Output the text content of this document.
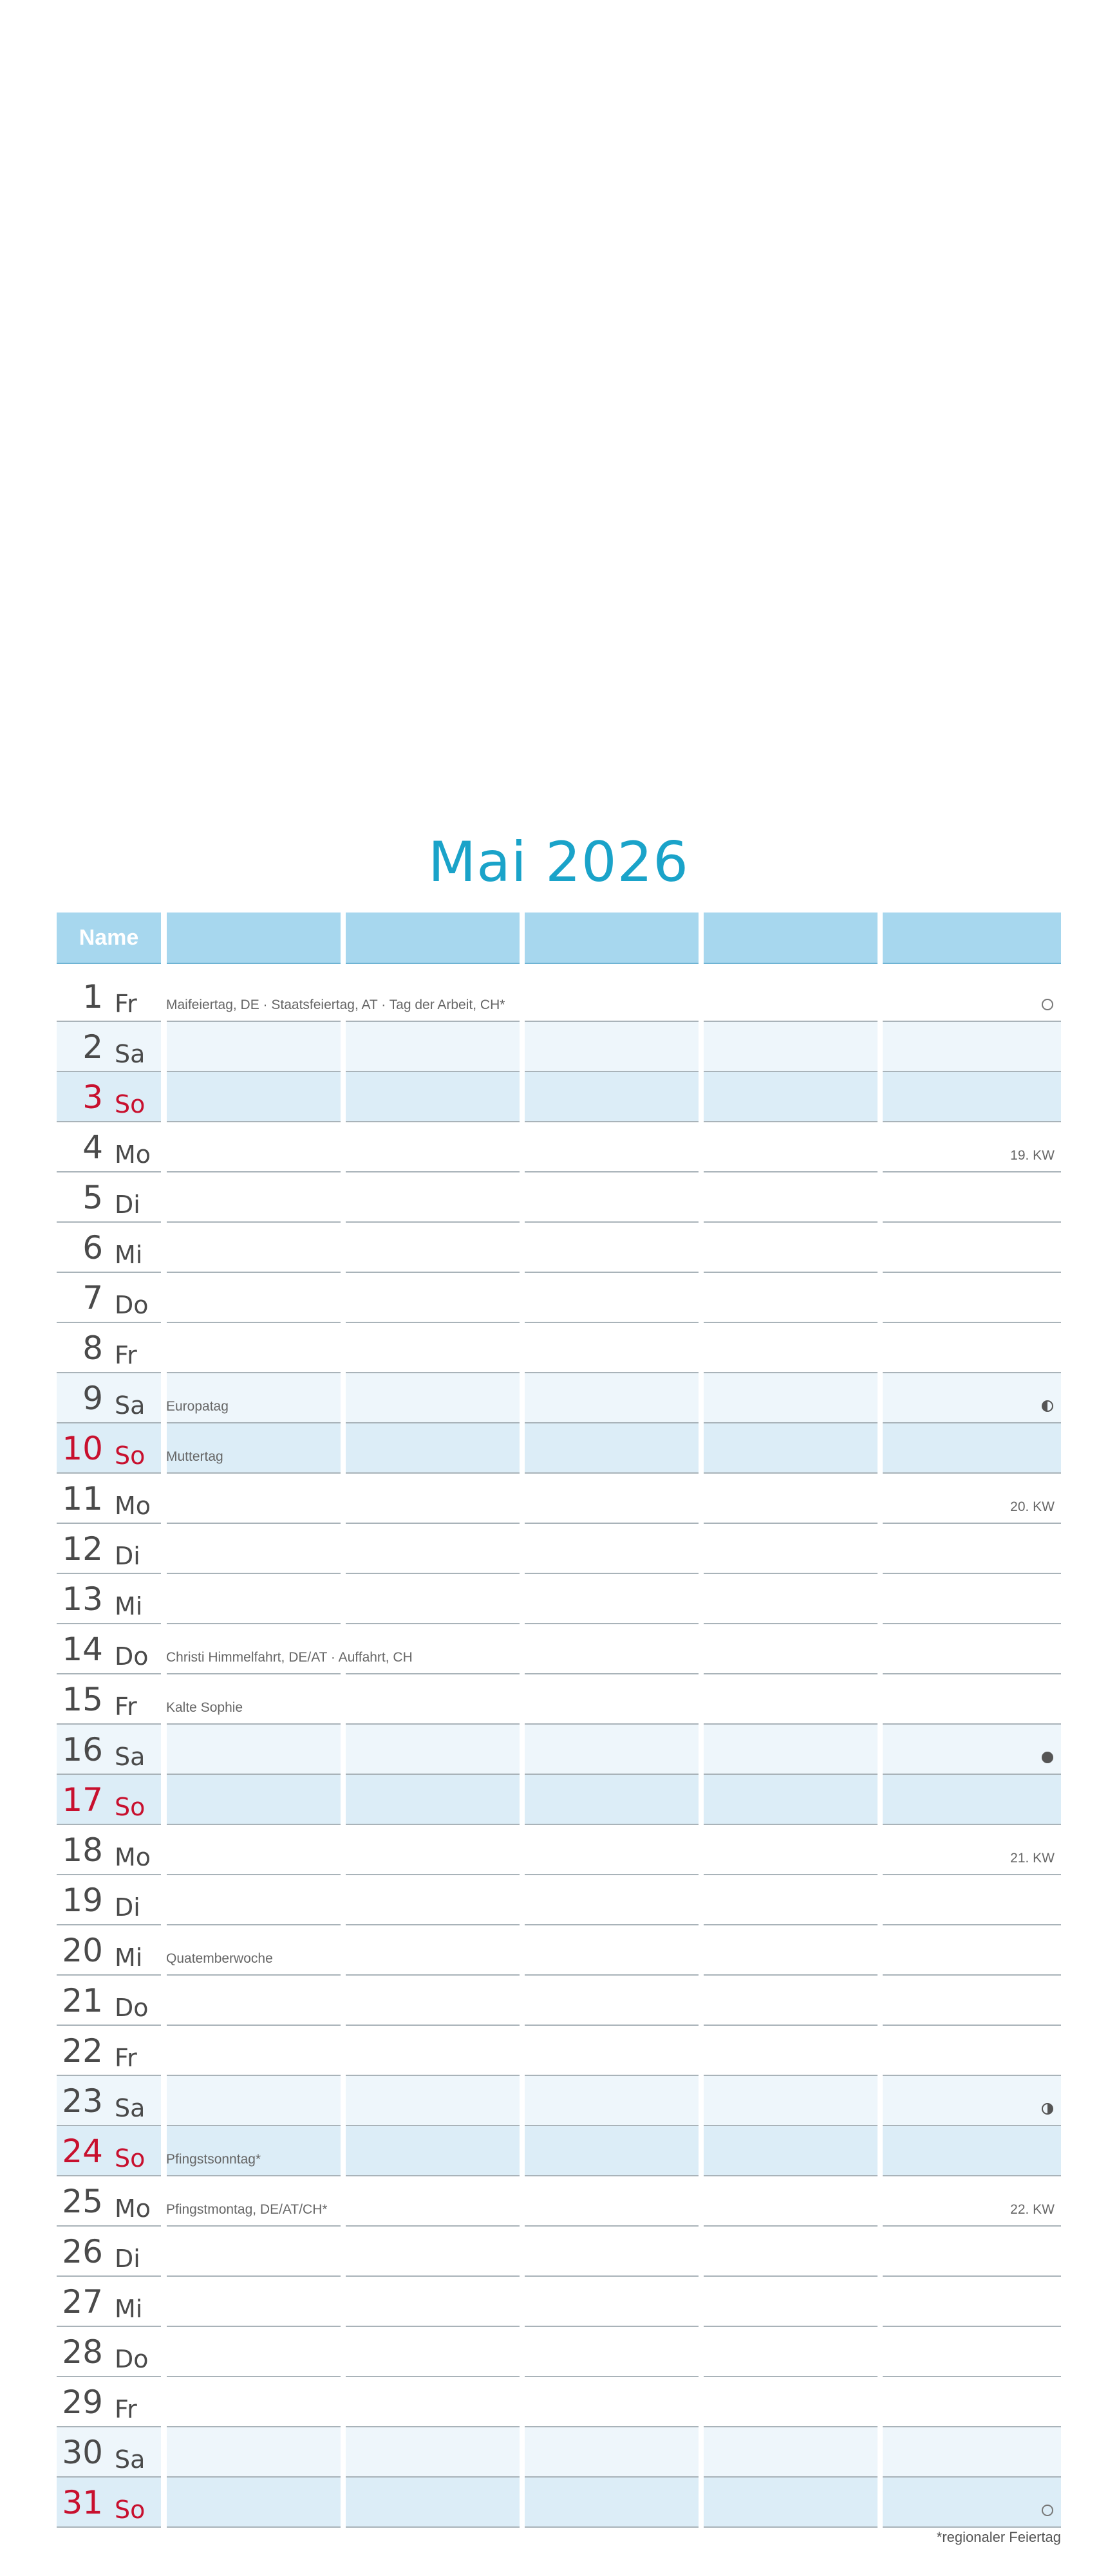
Mai 2026
Name
1 Fr Maifeiertag, DE · Staatsfeiertag, AT · Tag der Arbeit, CH*
2 Sa
3 So
4 Mo	19. KW
5 Di
6 Mi
7 Do
8 Fr
9 Sa Europatag
10 So Muttertag
11 Mo	20. KW
12 Di
13 Mi
14 Do Christi Himmelfahrt, DE/AT · Auffahrt, CH
15 Fr Kalte Sophie
16 Sa
17 So
18 Mo	21. KW
19 Di
20 Mi Quatemberwoche
21 Do
22 Fr
23 Sa
24 So Pfingstsonntag*
25 Mo Pfingstmontag, DE/AT/CH*	22. KW
26 Di
27 Mi
28 Do
29 Fr
30 Sa
31 So
*regionaler Feiertag
